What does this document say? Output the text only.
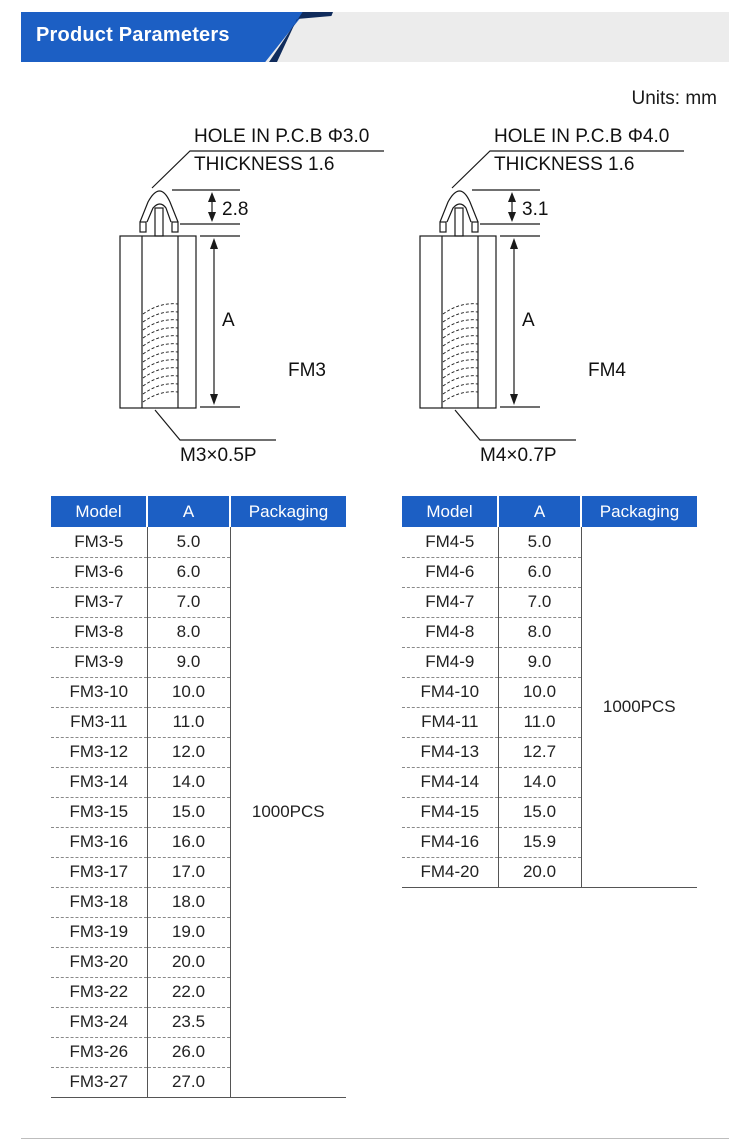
Product Parameters
Units: mm
HOLE IN P.C.B Φ3.0
THICKNESS 1.6
2.8
A
FM3
M3×0.5P
HOLE IN P.C.B Φ4.0
THICKNESS 1.6
3.1
A
FM4
M4×0.7P
Model	A	Packaging
FM3-5	5.0	1000PCS
FM3-6	6.0	
FM3-7	7.0	
FM3-8	8.0	
FM3-9	9.0	
FM3-10	10.0	
FM3-11	11.0	
FM3-12	12.0	
FM3-14	14.0	
FM3-15	15.0	
FM3-16	16.0	
FM3-17	17.0	
FM3-18	18.0	
FM3-19	19.0	
FM3-20	20.0	
FM3-22	22.0	
FM3-24	23.5	
FM3-26	26.0	
FM3-27	27.0	
Model	A	Packaging
FM4-5	5.0	1000PCS
FM4-6	6.0	
FM4-7	7.0	
FM4-8	8.0	
FM4-9	9.0	
FM4-10	10.0	
FM4-11	11.0	
FM4-13	12.7	
FM4-14	14.0	
FM4-15	15.0	
FM4-16	15.9	
FM4-20	20.0	
